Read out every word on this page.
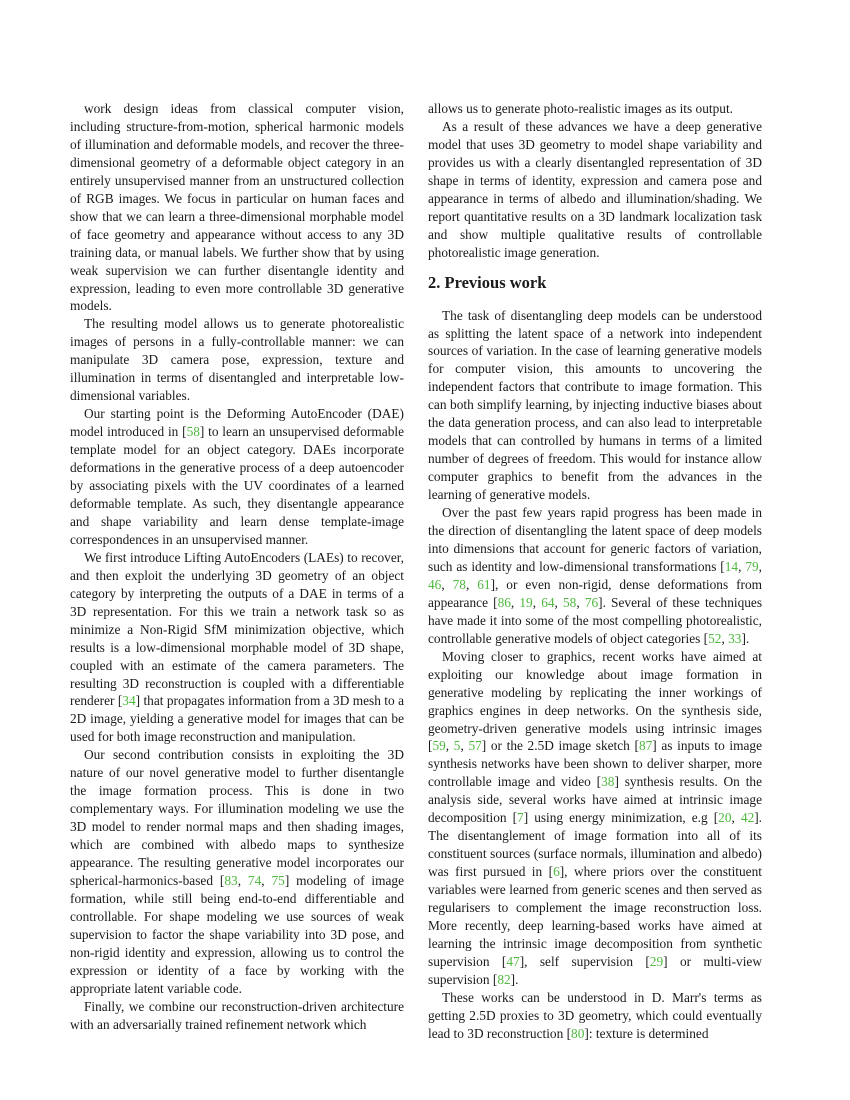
work design ideas from classical computer vision, including structure-from-motion, spherical harmonic models of illumination and deformable models, and recover the three-dimensional geometry of a deformable object category in an entirely unsupervised manner from an unstructured collection of RGB images. We focus in particular on human faces and show that we can learn a three-dimensional morphable model of face geometry and appearance without access to any 3D training data, or manual labels. We further show that by using weak supervision we can further disentangle identity and expression, leading to even more controllable 3D generative models.

The resulting model allows us to generate photorealistic images of persons in a fully-controllable manner: we can manipulate 3D camera pose, expression, texture and illumination in terms of disentangled and interpretable low-dimensional variables.

Our starting point is the Deforming AutoEncoder (DAE) model introduced in [58] to learn an unsupervised deformable template model for an object category. DAEs incorporate deformations in the generative process of a deep autoencoder by associating pixels with the UV coordinates of a learned deformable template. As such, they disentangle appearance and shape variability and learn dense template-image correspondences in an unsupervised manner.

We first introduce Lifting AutoEncoders (LAEs) to recover, and then exploit the underlying 3D geometry of an object category by interpreting the outputs of a DAE in terms of a 3D representation. For this we train a network task so as minimize a Non-Rigid SfM minimization objective, which results is a low-dimensional morphable model of 3D shape, coupled with an estimate of the camera parameters. The resulting 3D reconstruction is coupled with a differentiable renderer [34] that propagates information from a 3D mesh to a 2D image, yielding a generative model for images that can be used for both image reconstruction and manipulation.

Our second contribution consists in exploiting the 3D nature of our novel generative model to further disentangle the image formation process. This is done in two complementary ways. For illumination modeling we use the 3D model to render normal maps and then shading images, which are combined with albedo maps to synthesize appearance. The resulting generative model incorporates our spherical-harmonics-based [83, 74, 75] modeling of image formation, while still being end-to-end differentiable and controllable. For shape modeling we use sources of weak supervision to factor the shape variability into 3D pose, and non-rigid identity and expression, allowing us to control the expression or identity of a face by working with the appropriate latent variable code.

Finally, we combine our reconstruction-driven architecture with an adversarially trained refinement network which

allows us to generate photo-realistic images as its output.

As a result of these advances we have a deep generative model that uses 3D geometry to model shape variability and provides us with a clearly disentangled representation of 3D shape in terms of identity, expression and camera pose and appearance in terms of albedo and illumination/shading. We report quantitative results on a 3D landmark localization task and show multiple qualitative results of controllable photorealistic image generation.

2. Previous work

The task of disentangling deep models can be understood as splitting the latent space of a network into independent sources of variation. In the case of learning generative models for computer vision, this amounts to uncovering the independent factors that contribute to image formation. This can both simplify learning, by injecting inductive biases about the data generation process, and can also lead to interpretable models that can controlled by humans in terms of a limited number of degrees of freedom. This would for instance allow computer graphics to benefit from the advances in the learning of generative models.

Over the past few years rapid progress has been made in the direction of disentangling the latent space of deep models into dimensions that account for generic factors of variation, such as identity and low-dimensional transformations [14, 79, 46, 78, 61], or even non-rigid, dense deformations from appearance [86, 19, 64, 58, 76]. Several of these techniques have made it into some of the most compelling photorealistic, controllable generative models of object categories [52, 33].

Moving closer to graphics, recent works have aimed at exploiting our knowledge about image formation in generative modeling by replicating the inner workings of graphics engines in deep networks. On the synthesis side, geometry-driven generative models using intrinsic images [59, 5, 57] or the 2.5D image sketch [87] as inputs to image synthesis networks have been shown to deliver sharper, more controllable image and video [38] synthesis results. On the analysis side, several works have aimed at intrinsic image decomposition [7] using energy minimization, e.g [20, 42]. The disentanglement of image formation into all of its constituent sources (surface normals, illumination and albedo) was first pursued in [6], where priors over the constituent variables were learned from generic scenes and then served as regularisers to complement the image reconstruction loss. More recently, deep learning-based works have aimed at learning the intrinsic image decomposition from synthetic supervision [47], self supervision [29] or multi-view supervision [82].

These works can be understood in D. Marr's terms as getting 2.5D proxies to 3D geometry, which could eventually lead to 3D reconstruction [80]: texture is determined
